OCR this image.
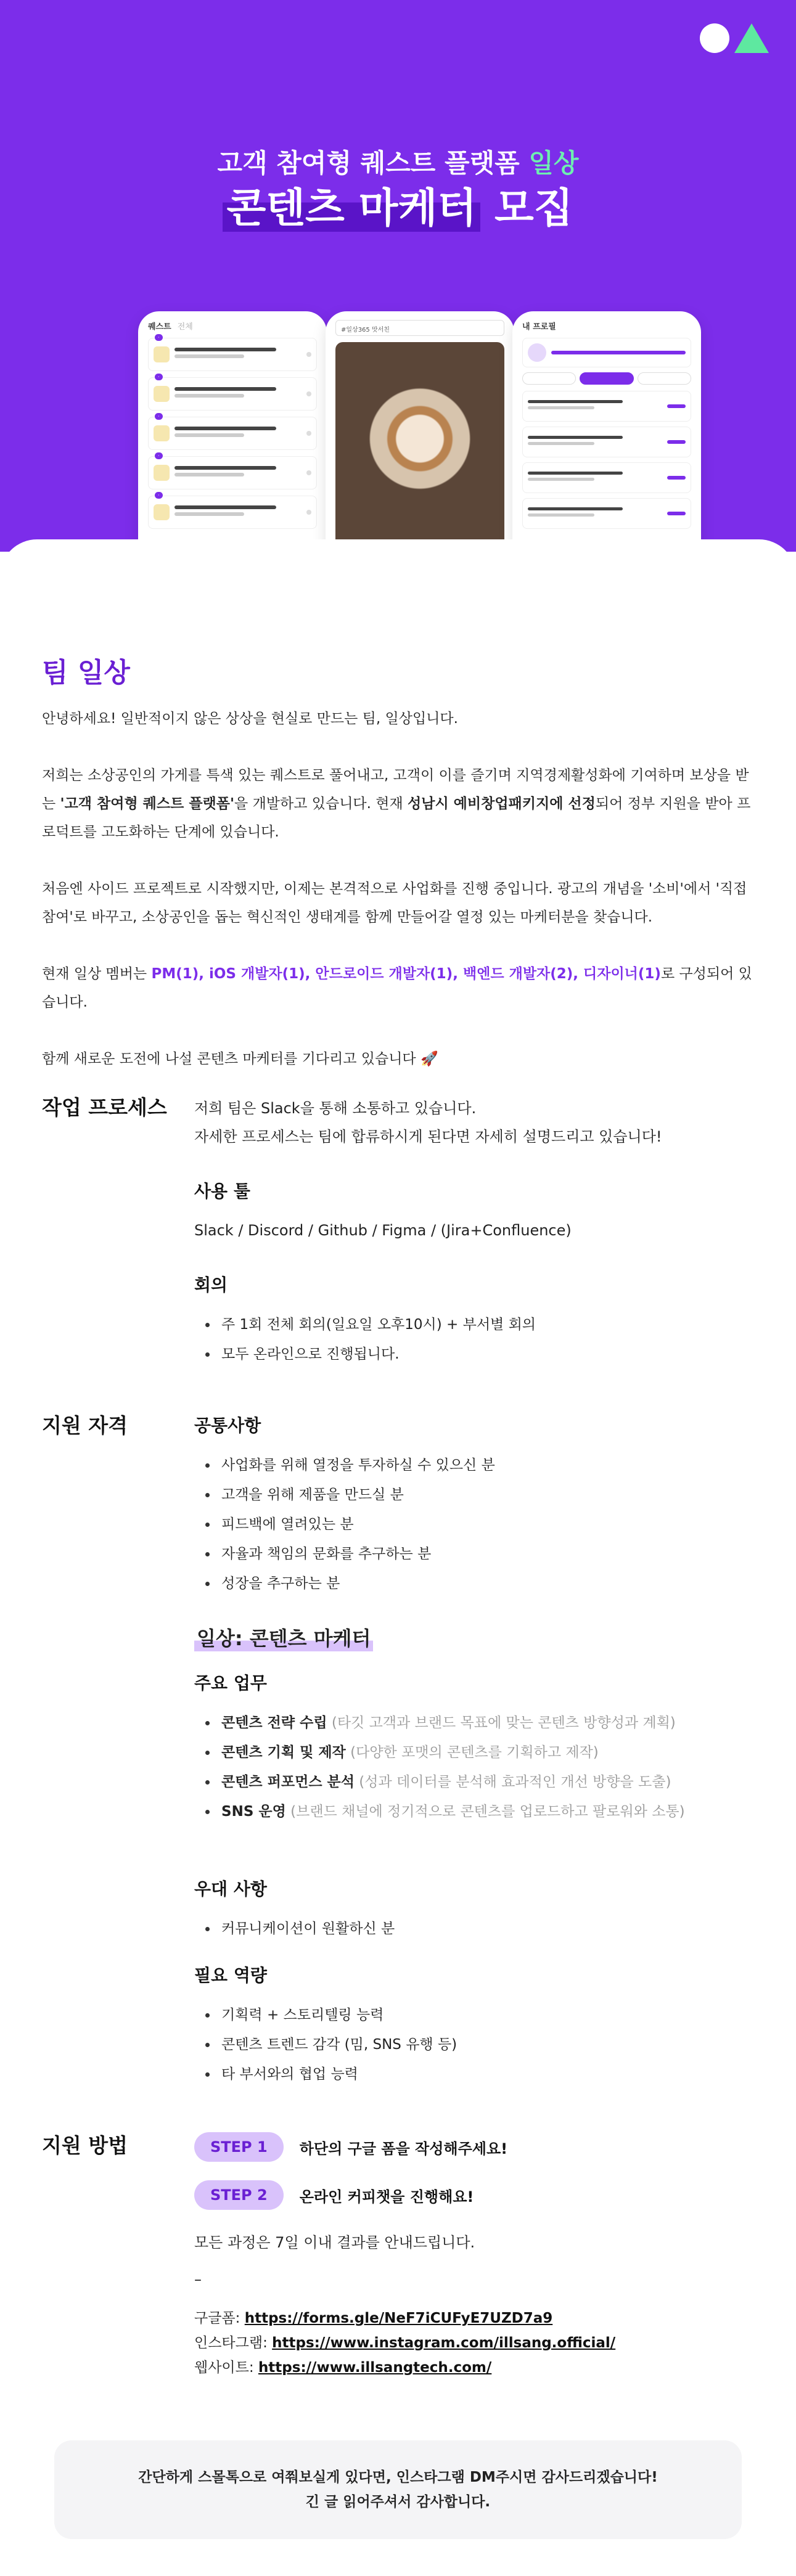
고객 참여형 퀘스트 플랫폼 일상
콘텐츠 마케터 모집
퀘스트 전체
·
·
·
·
·
#일상365 맛서친	내 프로필
팀 일상

안녕하세요! 일반적이지 않은 상상을 현실로 만드는 팀, 일상입니다.

저희는 소상공인의 가게를 특색 있는 퀘스트로 풀어내고, 고객이 이를 즐기며 지역경제활성화에 기여하며 보상을 받는 '고객 참여형 퀘스트 플랫폼'을 개발하고 있습니다. 현재 성남시 예비창업패키지에 선정되어 정부 지원을 받아 프로덕트를 고도화하는 단계에 있습니다.

처음엔 사이드 프로젝트로 시작했지만, 이제는 본격적으로 사업화를 진행 중입니다. 광고의 개념을 '소비'에서 '직접 참여'로 바꾸고, 소상공인을 돕는 혁신적인 생태계를 함께 만들어갈 열정 있는 마케터분을 찾습니다.

현재 일상 멤버는 PM(1), iOS 개발자(1), 안드로이드 개발자(1), 백엔드 개발자(2), 디자이너(1)로 구성되어 있습니다.

함께 새로운 도전에 나설 콘텐츠 마케터를 기다리고 있습니다 🚀

작업 프로세스	저희 팀은 Slack을 통해 소통하고 있습니다.

자세한 프로세스는 팀에 합류하시게 된다면 자세히 설명드리고 있습니다!

사용 툴

Slack / Discord / Github / Figma / (Jira+Confluence)

회의
주 1회 전체 회의(일요일 오후10시) + 부서별 회의
모두 온라인으로 진행됩니다.
지원 자격	공통사항
사업화를 위해 열정을 투자하실 수 있으신 분
고객을 위해 제품을 만드실 분
피드백에 열려있는 분
자율과 책임의 문화를 추구하는 분
성장을 추구하는 분
일상: 콘텐츠 마케터
주요 업무
콘텐츠 전략 수립 (타깃 고객과 브랜드 목표에 맞는 콘텐츠 방향성과 계획)
콘텐츠 기획 및 제작 (다양한 포맷의 콘텐츠를 기획하고 제작)
콘텐츠 퍼포먼스 분석 (성과 데이터를 분석해 효과적인 개선 방향을 도출)
SNS 운영 (브랜드 채널에 정기적으로 콘텐츠를 업로드하고 팔로워와 소통)
우대 사항
커뮤니케이션이 원활하신 분
필요 역량
기획력 + 스토리텔링 능력
콘텐츠 트렌드 감각 (밈, SNS 유행 등)
타 부서와의 협업 능력
지원 방법	STEP 1	하단의 구글 폼을 작성해주세요!
STEP 2	온라인 커피챗을 진행해요!

모든 과정은 7일 이내 결과를 안내드립니다.

–

구글폼: https://forms.gle/NeF7iCUFyE7UZD7a9
인스타그램: https://www.instagram.com/illsang.official/
웹사이트: https://www.illsangtech.com/
간단하게 스몰톡으로 여쭤보실게 있다면, 인스타그램 DM주시면 감사드리겠습니다!
긴 글 읽어주셔서 감사합니다.
